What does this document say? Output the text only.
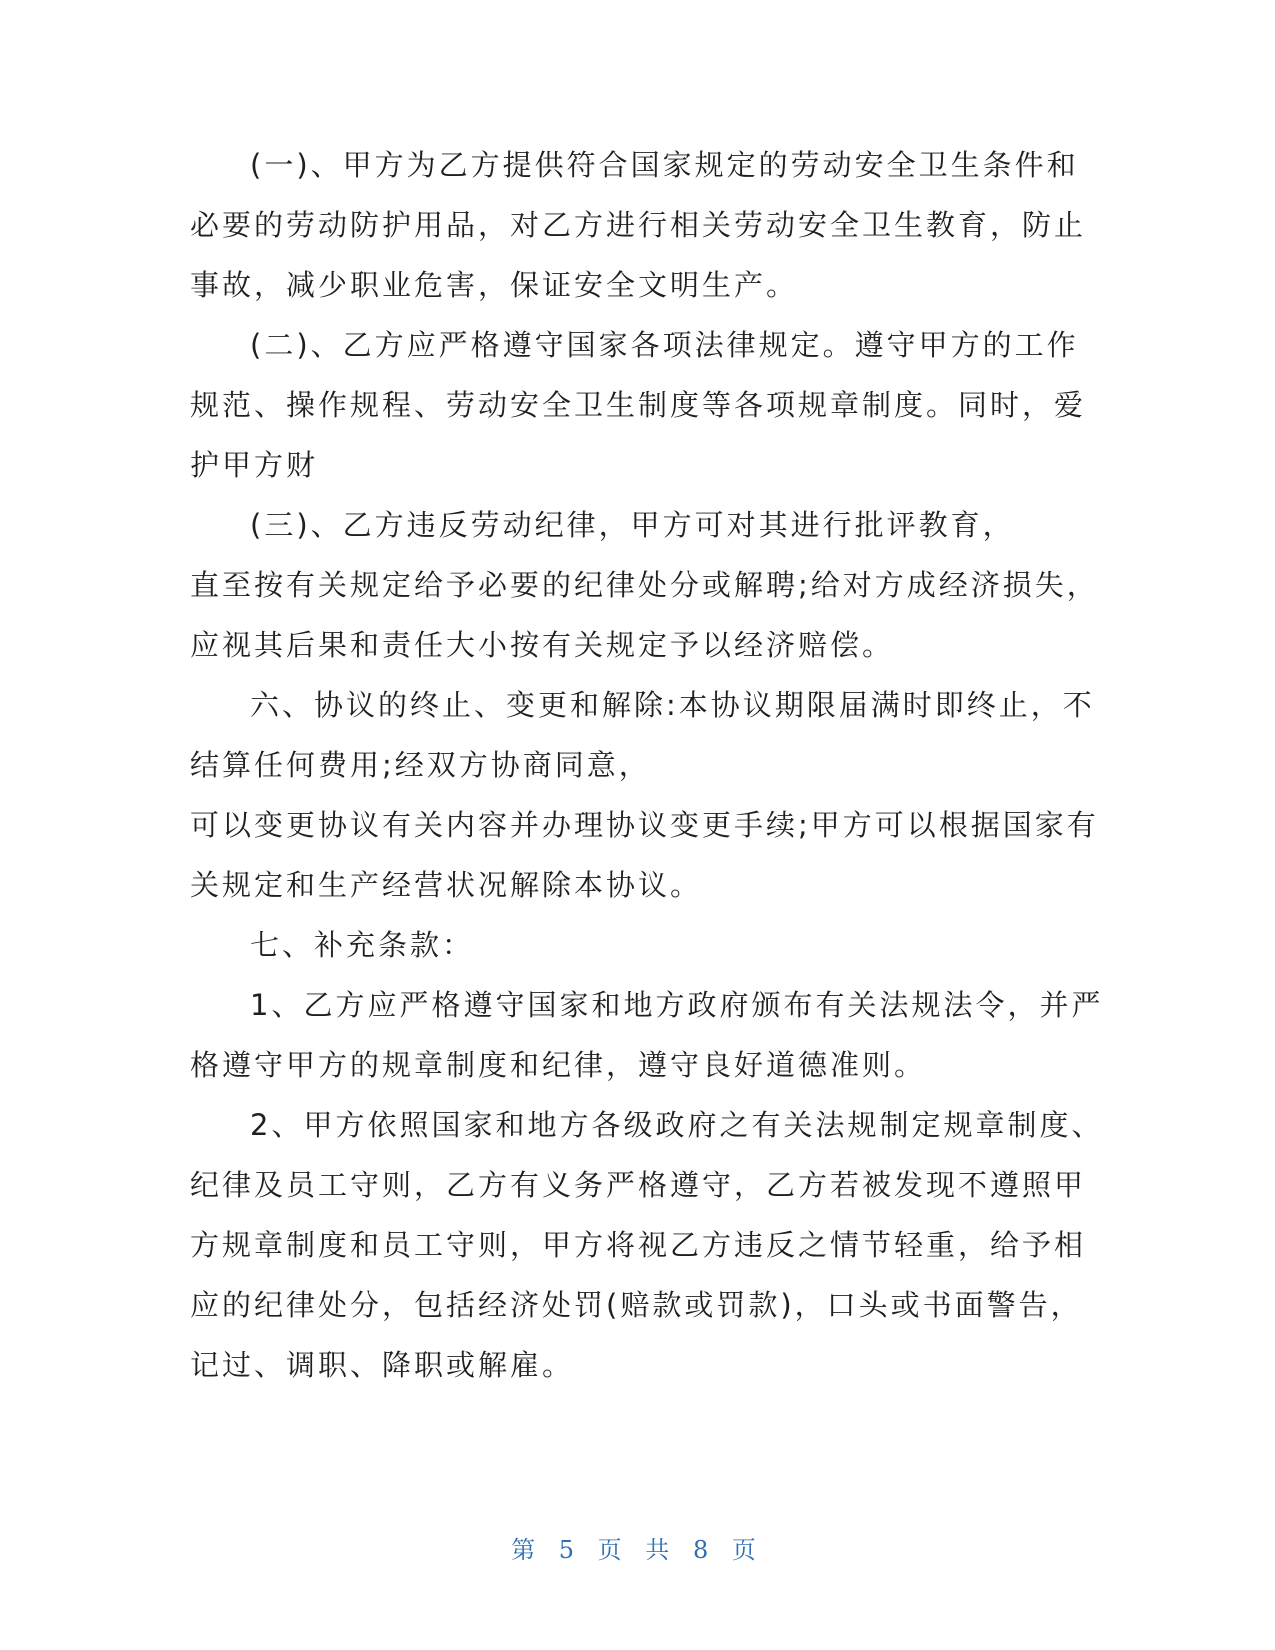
(一)、甲方为乙方提供符合国家规定的劳动安全卫生条件和
必要的劳动防护用品，对乙方进行相关劳动安全卫生教育，防止
事故，减少职业危害，保证安全文明生产。
(二)、乙方应严格遵守国家各项法律规定。遵守甲方的工作
规范、操作规程、劳动安全卫生制度等各项规章制度。同时，爱
护甲方财
(三)、乙方违反劳动纪律，甲方可对其进行批评教育，
直至按有关规定给予必要的纪律处分或解聘;给对方成经济损失，
应视其后果和责任大小按有关规定予以经济赔偿。
六、协议的终止、变更和解除:本协议期限届满时即终止，不
结算任何费用;经双方协商同意，
可以变更协议有关内容并办理协议变更手续;甲方可以根据国家有
关规定和生产经营状况解除本协议。
七、补充条款：
1、乙方应严格遵守国家和地方政府颁布有关法规法令，并严
格遵守甲方的规章制度和纪律，遵守良好道德准则。
2、甲方依照国家和地方各级政府之有关法规制定规章制度、
纪律及员工守则，乙方有义务严格遵守，乙方若被发现不遵照甲
方规章制度和员工守则，甲方将视乙方违反之情节轻重，给予相
应的纪律处分，包括经济处罚(赔款或罚款)，口头或书面警告，
记过、调职、降职或解雇。
第 5 页 共 8 页
